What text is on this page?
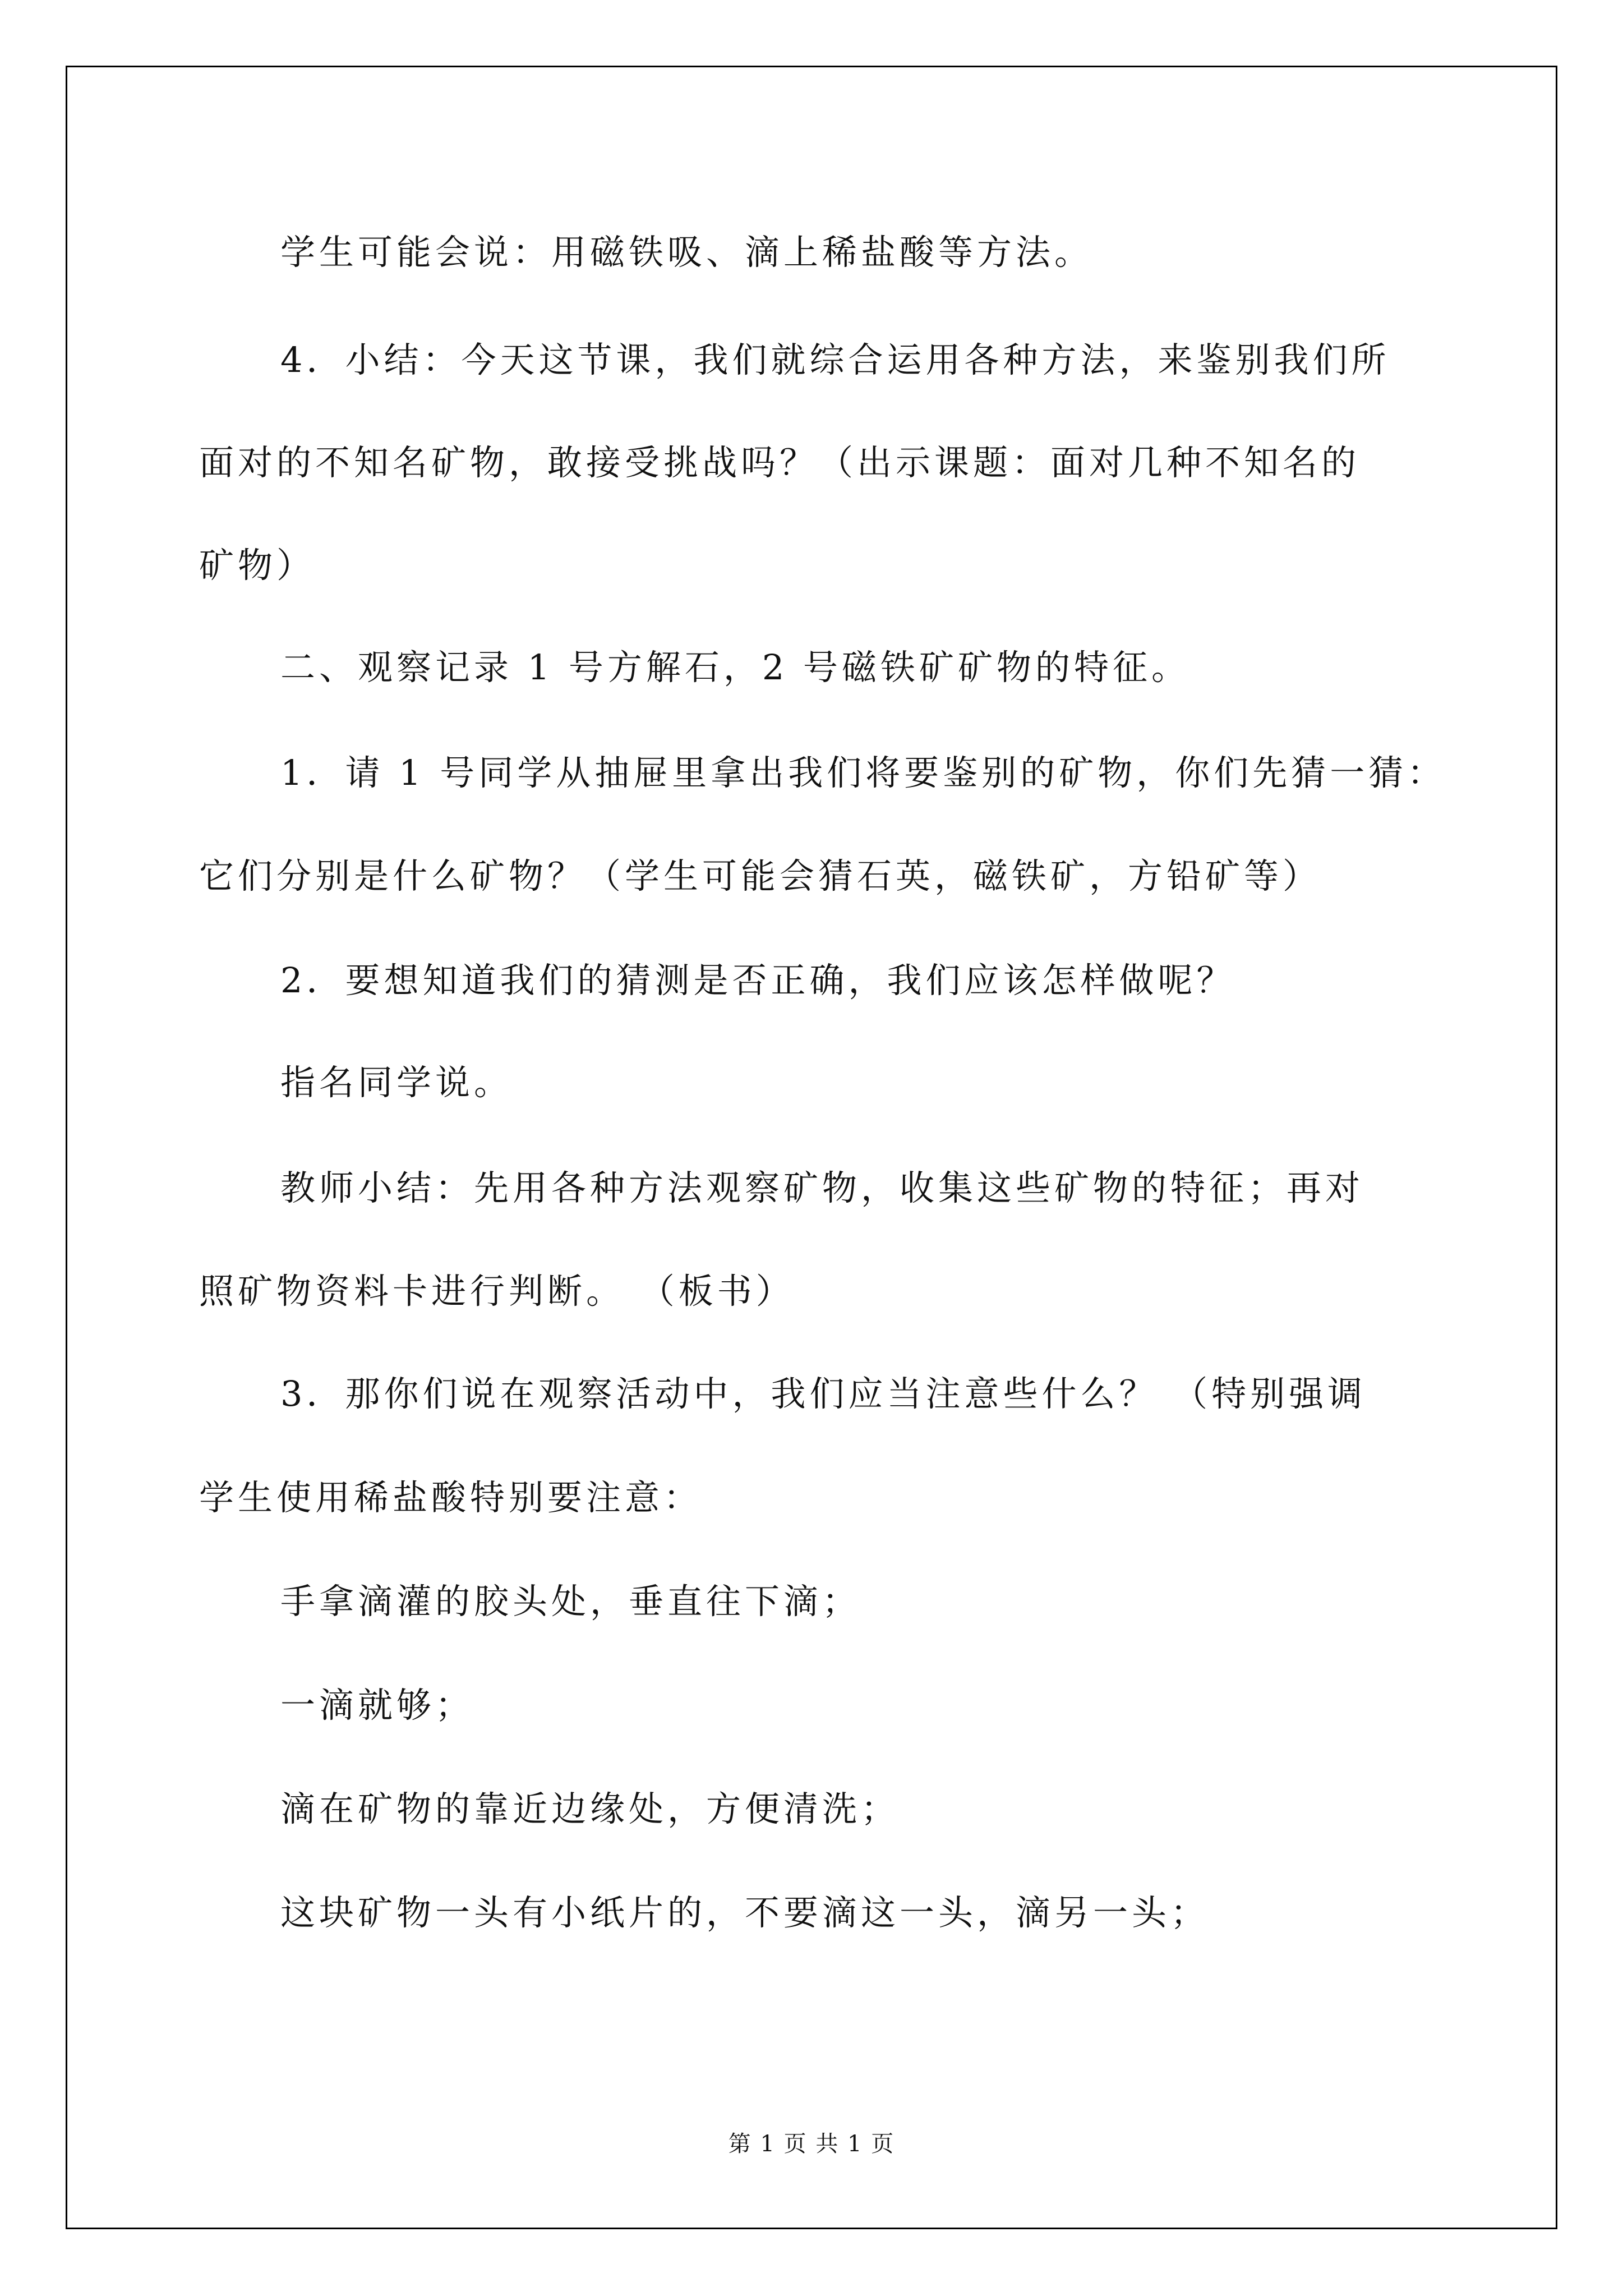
学生可能会说：用磁铁吸、滴上稀盐酸等方法。
4．小结：今天这节课，我们就综合运用各种方法，来鉴别我们所
面对的不知名矿物，敢接受挑战吗？（出示课题：面对几种不知名的
矿物）
二、观察记录 1 号方解石，2 号磁铁矿矿物的特征。
1．请 1 号同学从抽屉里拿出我们将要鉴别的矿物，你们先猜一猜：
它们分别是什么矿物？（学生可能会猜石英，磁铁矿，方铅矿等）
2．要想知道我们的猜测是否正确，我们应该怎样做呢？
指名同学说。
教师小结：先用各种方法观察矿物，收集这些矿物的特征；再对
照矿物资料卡进行判断。 （板书）
3．那你们说在观察活动中，我们应当注意些什么？ （特别强调
学生使用稀盐酸特别要注意：
手拿滴灌的胶头处，垂直往下滴；
一滴就够；
滴在矿物的靠近边缘处，方便清洗；
这块矿物一头有小纸片的，不要滴这一头，滴另一头；
第 1 页 共 1 页
